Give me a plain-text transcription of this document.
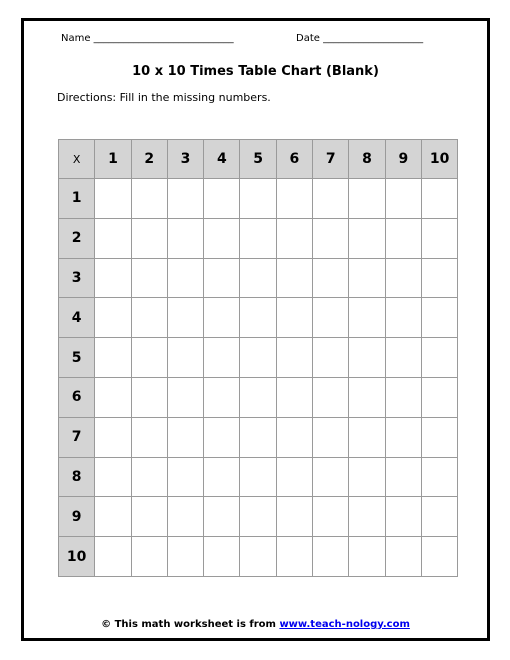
Name ____________________________	Date ____________________
10 x 10 Times Table Chart (Blank)
Directions: Fill in the missing numbers.
X	1	2	3	4	5	6	7	8	9	10
1										
2										
3										
4										
5										
6										
7										
8										
9										
10										
© This math worksheet is from www.teach-nology.com
